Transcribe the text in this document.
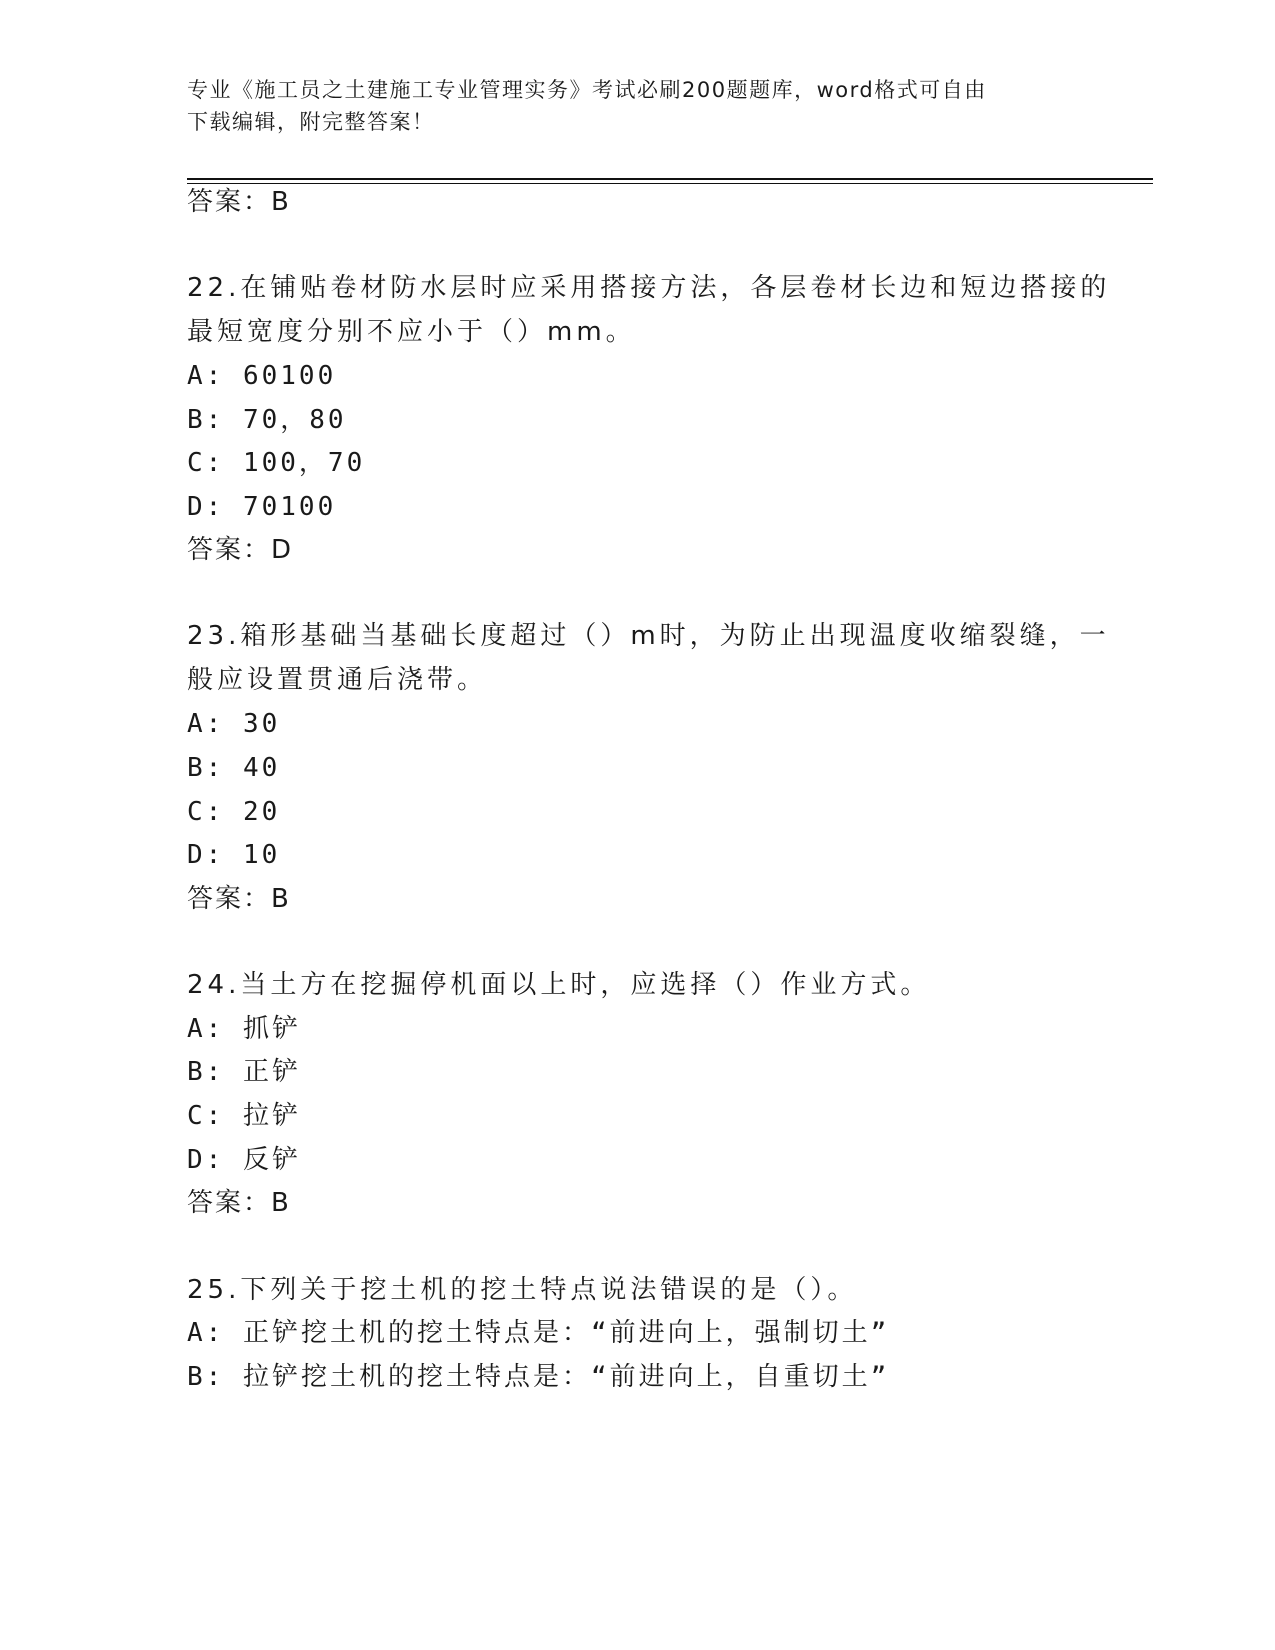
专业《施工员之土建施工专业管理实务》考试必刷200题题库，word格式可自由
下载编辑，附完整答案！
答案：B
22.在铺贴卷材防水层时应采用搭接方法，各层卷材长边和短边搭接的
最短宽度分别不应小于（）mm。
A: 60100
B: 70，80
C: 100，70
D: 70100
答案：D
23.箱形基础当基础长度超过（）m时，为防止出现温度收缩裂缝，一
般应设置贯通后浇带。
A: 30
B: 40
C: 20
D: 10
答案：B
24.当土方在挖掘停机面以上时，应选择（）作业方式。
A: 抓铲
B: 正铲
C: 拉铲
D: 反铲
答案：B
25.下列关于挖土机的挖土特点说法错误的是（）。
A: 正铲挖土机的挖土特点是：“前进向上，强制切土”
B: 拉铲挖土机的挖土特点是：“前进向上，自重切土”
